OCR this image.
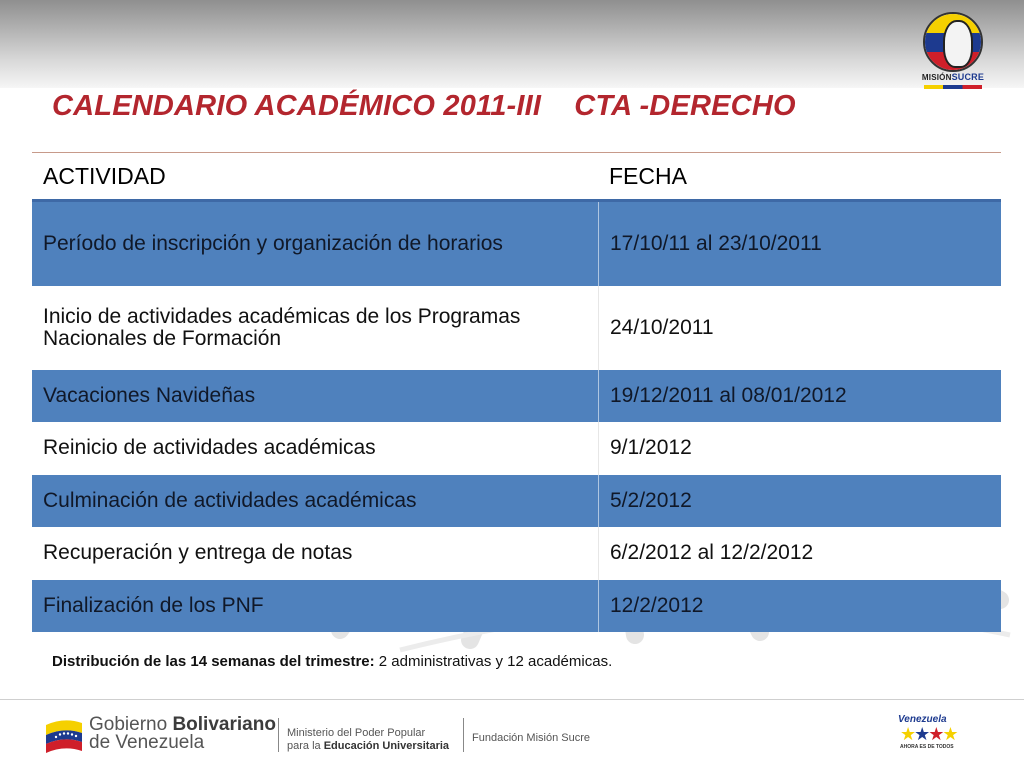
MISIÓNSUCRE
CALENDARIO ACADÉMICO 2011-III    CTA -DERECHO
ACTIVIDAD	FECHA
Período de inscripción y organización de horarios	17/10/11 al 23/10/2011
Inicio de actividades académicas de los Programas Nacionales de Formación	24/10/2011
Vacaciones Navideñas	19/12/2011 al 08/01/2012
Reinicio de actividades académicas	9/1/2012
Culminación de actividades académicas	5/2/2012
Recuperación y entrega de notas	6/2/2012 al 12/2/2012
Finalización de los PNF	12/2/2012
Distribución de las 14 semanas del trimestre: 2 administrativas y 12 académicas.
Gobierno Bolivariano
de Venezuela	Ministerio del Poder Popular
para la Educación Universitaria
Fundación Misión Sucre
Venezuela
★★★★
AHORA ES DE TODOS
